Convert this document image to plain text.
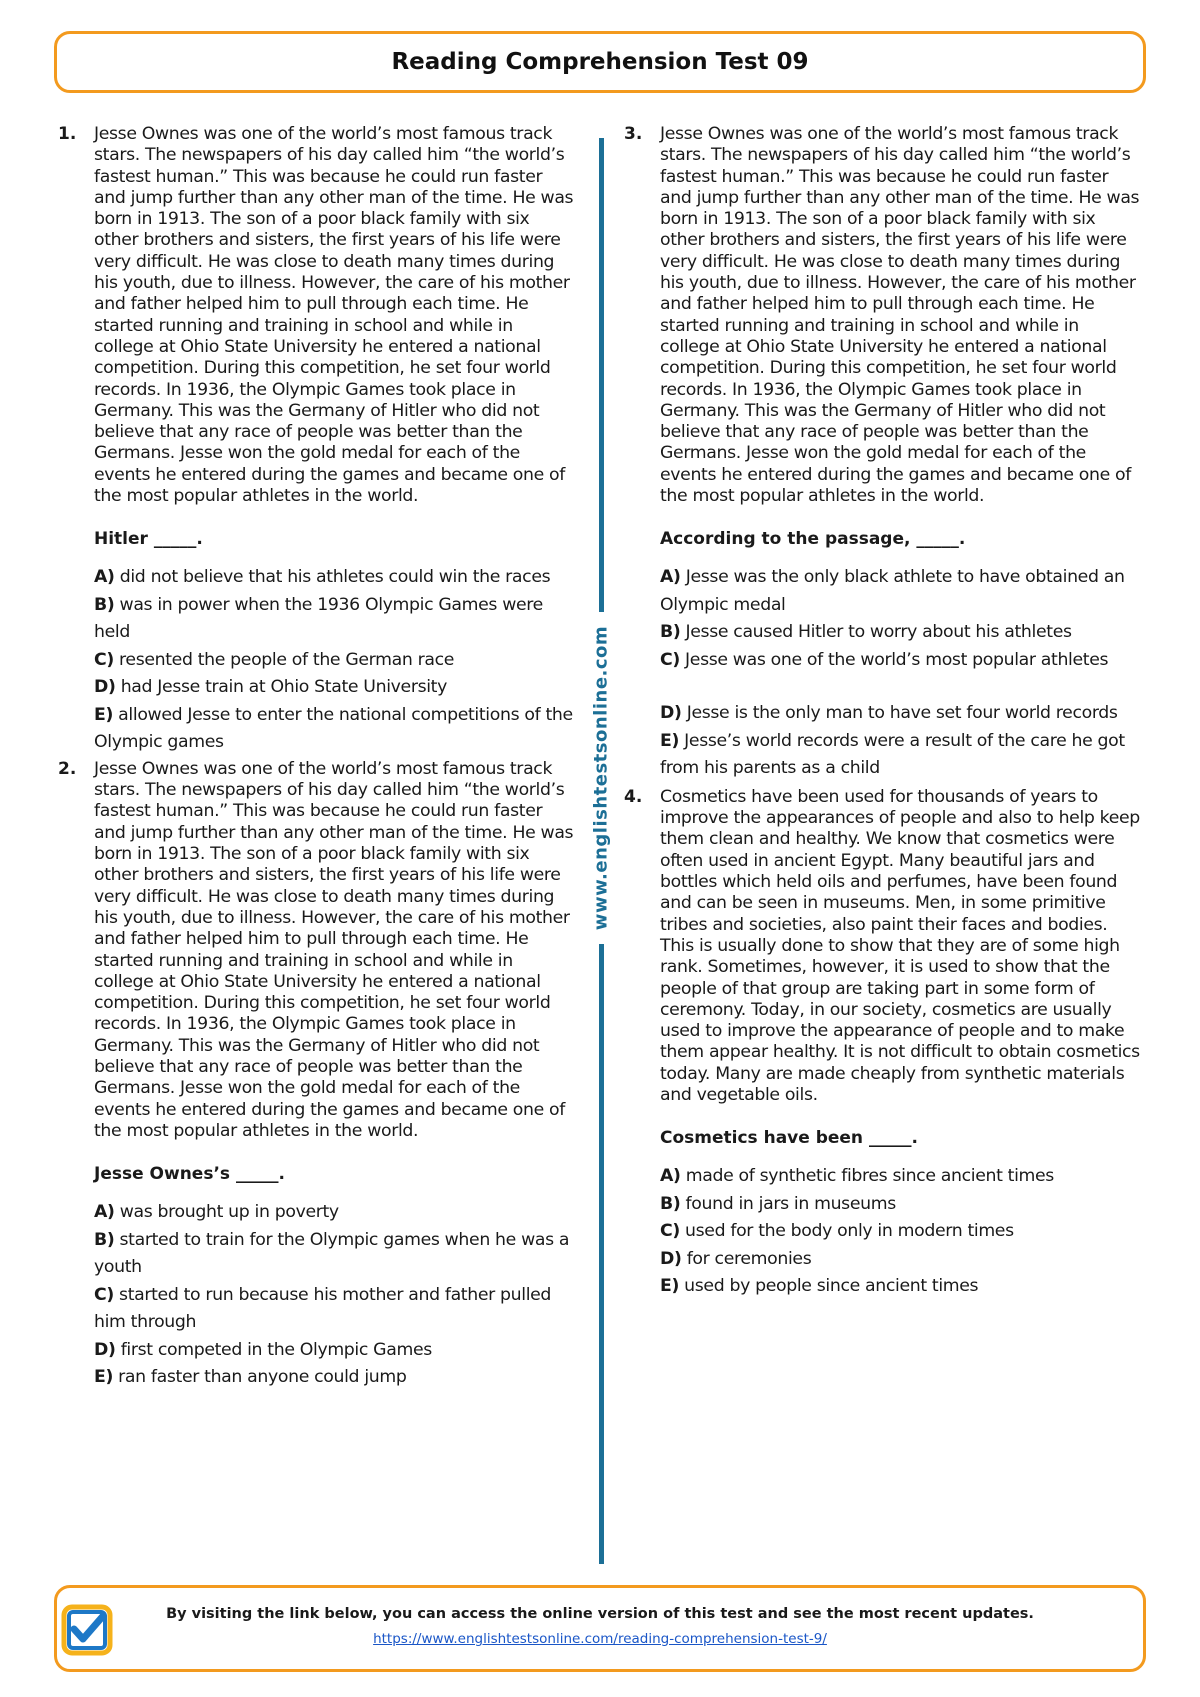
Reading Comprehension Test 09
1. Jesse Ownes was one of the world’s most famous track stars. The newspapers of his day called him “the world’s fastest human.” This was because he could run faster and jump further than any other man of the time. He was born in 1913. The son of a poor black family with six other brothers and sisters, the first years of his life were very difficult. He was close to death many times during his youth, due to illness. However, the care of his mother and father helped him to pull through each time. He started running and training in school and while in college at Ohio State University he entered a national competition. During this competition, he set four world records. In 1936, the Olympic Games took place in Germany. This was the Germany of Hitler who did not believe that any race of people was better than the Germans. Jesse won the gold medal for each of the events he entered during the games and became one of the most popular athletes in the world.

Hitler _____.

A) did not believe that his athletes could win the races
B) was in power when the 1936 Olympic Games were held
C) resented the people of the German race
D) had Jesse train at Ohio State University
E) allowed Jesse to enter the national competitions of the Olympic games
2. Jesse Ownes was one of the world’s most famous track stars. The newspapers of his day called him “the world’s fastest human.” This was because he could run faster and jump further than any other man of the time. He was born in 1913. The son of a poor black family with six other brothers and sisters, the first years of his life were very difficult. He was close to death many times during his youth, due to illness. However, the care of his mother and father helped him to pull through each time. He started running and training in school and while in college at Ohio State University he entered a national competition. During this competition, he set four world records. In 1936, the Olympic Games took place in Germany. This was the Germany of Hitler who did not believe that any race of people was better than the Germans. Jesse won the gold medal for each of the events he entered during the games and became one of the most popular athletes in the world.

Jesse Ownes’s _____.

A) was brought up in poverty
B) started to train for the Olympic games when he was a youth
C) started to run because his mother and father pulled him through
D) first competed in the Olympic Games
E) ran faster than anyone could jump
www.englishtestsonline.com
3. Jesse Ownes was one of the world’s most famous track stars. The newspapers of his day called him “the world’s fastest human.” This was because he could run faster and jump further than any other man of the time. He was born in 1913. The son of a poor black family with six other brothers and sisters, the first years of his life were very difficult. He was close to death many times during his youth, due to illness. However, the care of his mother and father helped him to pull through each time. He started running and training in school and while in college at Ohio State University he entered a national competition. During this competition, he set four world records. In 1936, the Olympic Games took place in Germany. This was the Germany of Hitler who did not believe that any race of people was better than the Germans. Jesse won the gold medal for each of the events he entered during the games and became one of the most popular athletes in the world.

According to the passage, _____.

A) Jesse was the only black athlete to have obtained an Olympic medal
B) Jesse caused Hitler to worry about his athletes
C) Jesse was one of the world’s most popular athletes
D) Jesse is the only man to have set four world records
E) Jesse’s world records were a result of the care he got from his parents as a child
4. Cosmetics have been used for thousands of years to improve the appearances of people and also to help keep them clean and healthy. We know that cosmetics were often used in ancient Egypt. Many beautiful jars and bottles which held oils and perfumes, have been found and can be seen in museums. Men, in some primitive tribes and societies, also paint their faces and bodies. This is usually done to show that they are of some high rank. Sometimes, however, it is used to show that the people of that group are taking part in some form of ceremony. Today, in our society, cosmetics are usually used to improve the appearance of people and to make them appear healthy. It is not difficult to obtain cosmetics today. Many are made cheaply from synthetic materials and vegetable oils.

Cosmetics have been _____.

A) made of synthetic fibres since ancient times
B) found in jars in museums
C) used for the body only in modern times
D) for ceremonies
E) used by people since ancient times
By visiting the link below, you can access the online version of this test and see the most recent updates.
https://www.englishtestsonline.com/reading-comprehension-test-9/
